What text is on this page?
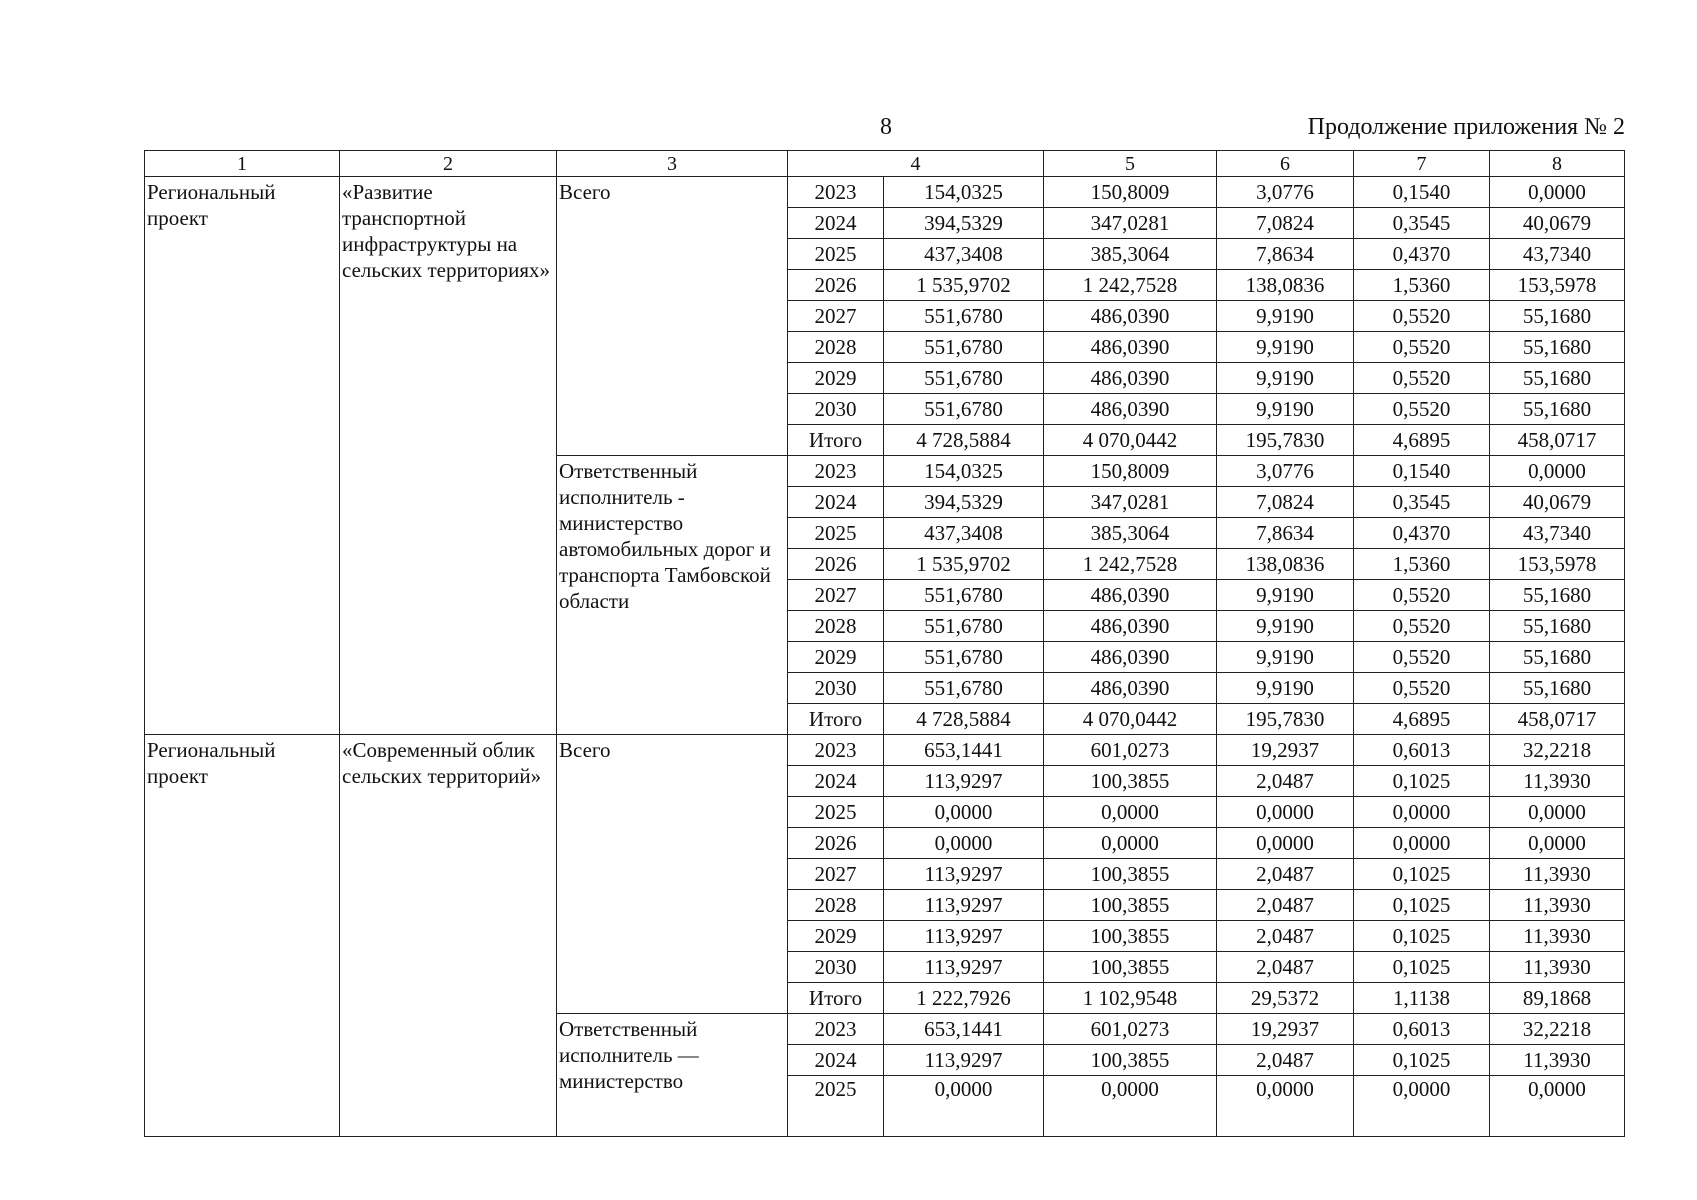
8	Продолжение приложения № 2
1	2	3	4		5	6	7	8
Региональный проект	«Развитие транспортной инфраструктуры на сельских территориях»	Всего	2023	154,0325	150,8009	3,0776	0,1540	0,0000
			2024	394,5329	347,0281	7,0824	0,3545	40,0679
			2025	437,3408	385,3064	7,8634	0,4370	43,7340
			2026	1 535,9702	1 242,7528	138,0836	1,5360	153,5978
			2027	551,6780	486,0390	9,9190	0,5520	55,1680
			2028	551,6780	486,0390	9,9190	0,5520	55,1680
			2029	551,6780	486,0390	9,9190	0,5520	55,1680
			2030	551,6780	486,0390	9,9190	0,5520	55,1680
			Итого	4 728,5884	4 070,0442	195,7830	4,6895	458,0717
		Ответственный исполнитель - министерство автомобильных дорог и транспорта Тамбовской области	2023	154,0325	150,8009	3,0776	0,1540	0,0000
			2024	394,5329	347,0281	7,0824	0,3545	40,0679
			2025	437,3408	385,3064	7,8634	0,4370	43,7340
			2026	1 535,9702	1 242,7528	138,0836	1,5360	153,5978
			2027	551,6780	486,0390	9,9190	0,5520	55,1680
			2028	551,6780	486,0390	9,9190	0,5520	55,1680
			2029	551,6780	486,0390	9,9190	0,5520	55,1680
			2030	551,6780	486,0390	9,9190	0,5520	55,1680
			Итого	4 728,5884	4 070,0442	195,7830	4,6895	458,0717
Региональный проект	«Современный облик сельских территорий»	Всего	2023	653,1441	601,0273	19,2937	0,6013	32,2218
			2024	113,9297	100,3855	2,0487	0,1025	11,3930
			2025	0,0000	0,0000	0,0000	0,0000	0,0000
			2026	0,0000	0,0000	0,0000	0,0000	0,0000
			2027	113,9297	100,3855	2,0487	0,1025	11,3930
			2028	113,9297	100,3855	2,0487	0,1025	11,3930
			2029	113,9297	100,3855	2,0487	0,1025	11,3930
			2030	113,9297	100,3855	2,0487	0,1025	11,3930
			Итого	1 222,7926	1 102,9548	29,5372	1,1138	89,1868
		Ответственный исполнитель — министерство	2023	653,1441	601,0273	19,2937	0,6013	32,2218
			2024	113,9297	100,3855	2,0487	0,1025	11,3930
			2025	0,0000	0,0000	0,0000	0,0000	0,0000
